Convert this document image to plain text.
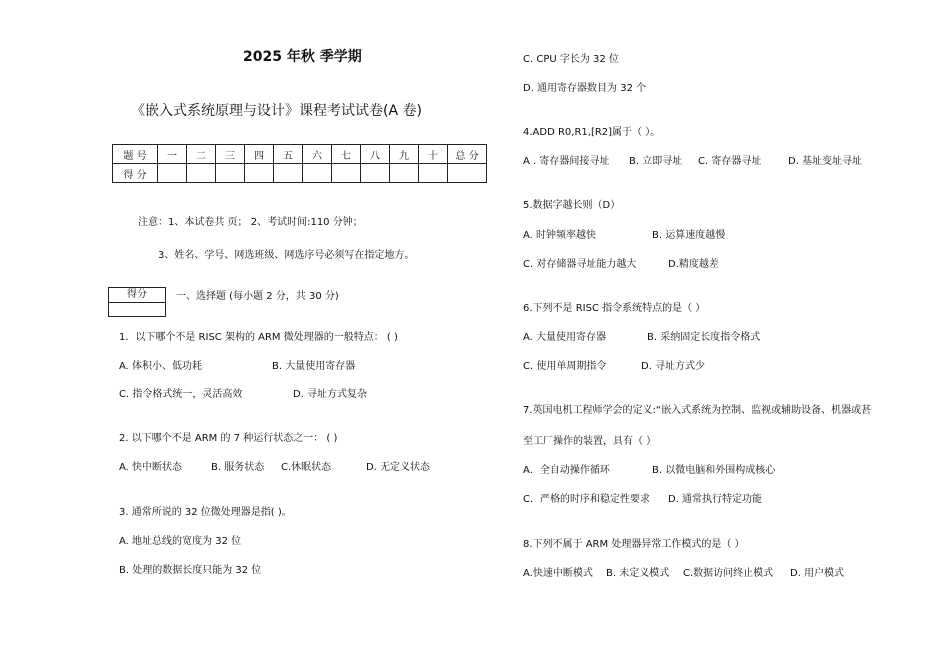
2025 年秋 季学期
《嵌入式系统原理与设计》课程考试试卷(A 卷)
题 号	一	二	三	四	五	六	七	八	九	十	总 分
得 分											
注意：1、本试卷共 页； 2、考试时间:110 分钟；
3、姓名、学号、网选班级、网选序号必须写在指定地方。
得分	一、选择题 (每小题 2 分，共 30 分)
1．以下哪个不是 RISC 架构的 ARM 微处理器的一般特点： ( )
A. 体积小、低功耗	B. 大量使用寄存器
C. 指令格式统一，灵活高效	D. 寻址方式复杂
2. 以下哪个不是 ARM 的 7 种运行状态之一： ( )
A. 快中断状态	B. 服务状态 C.休眠状态	D. 无定义状态
3. 通常所说的 32 位微处理器是指( )。
A. 地址总线的宽度为 32 位
B. 处理的数据长度只能为 32 位
C. CPU 字长为 32 位
D. 通用寄存器数目为 32 个
4.ADD R0,R1,[R2]属于（ ）。
A . 寄存器间接寻址 B. 立即寻址 C. 寄存器寻址	D. 基址变址寻址
5.数据字越长则（D）
A. 时钟频率越快	B. 运算速度越慢
C. 对存储器寻址能力越大	D.精度越差
6.下列不是 RISC 指令系统特点的是（ ）
A. 大量使用寄存器	B. 采纳固定长度指令格式
C. 使用单周期指令	D. 寻址方式少
7.英国电机工程师学会的定义:“嵌入式系统为控制、监视或辅助设备、机器或甚
至工厂操作的装置，具有（ ）
A．全自动操作循环	B. 以微电脑和外围构成核心
C．严格的时序和稳定性要求 D. 通常执行特定功能
8.下列不属于 ARM 处理器异常工作模式的是（ ）
A.快速中断模式 B. 未定义模式 C.数据访问终止模式 D. 用户模式
